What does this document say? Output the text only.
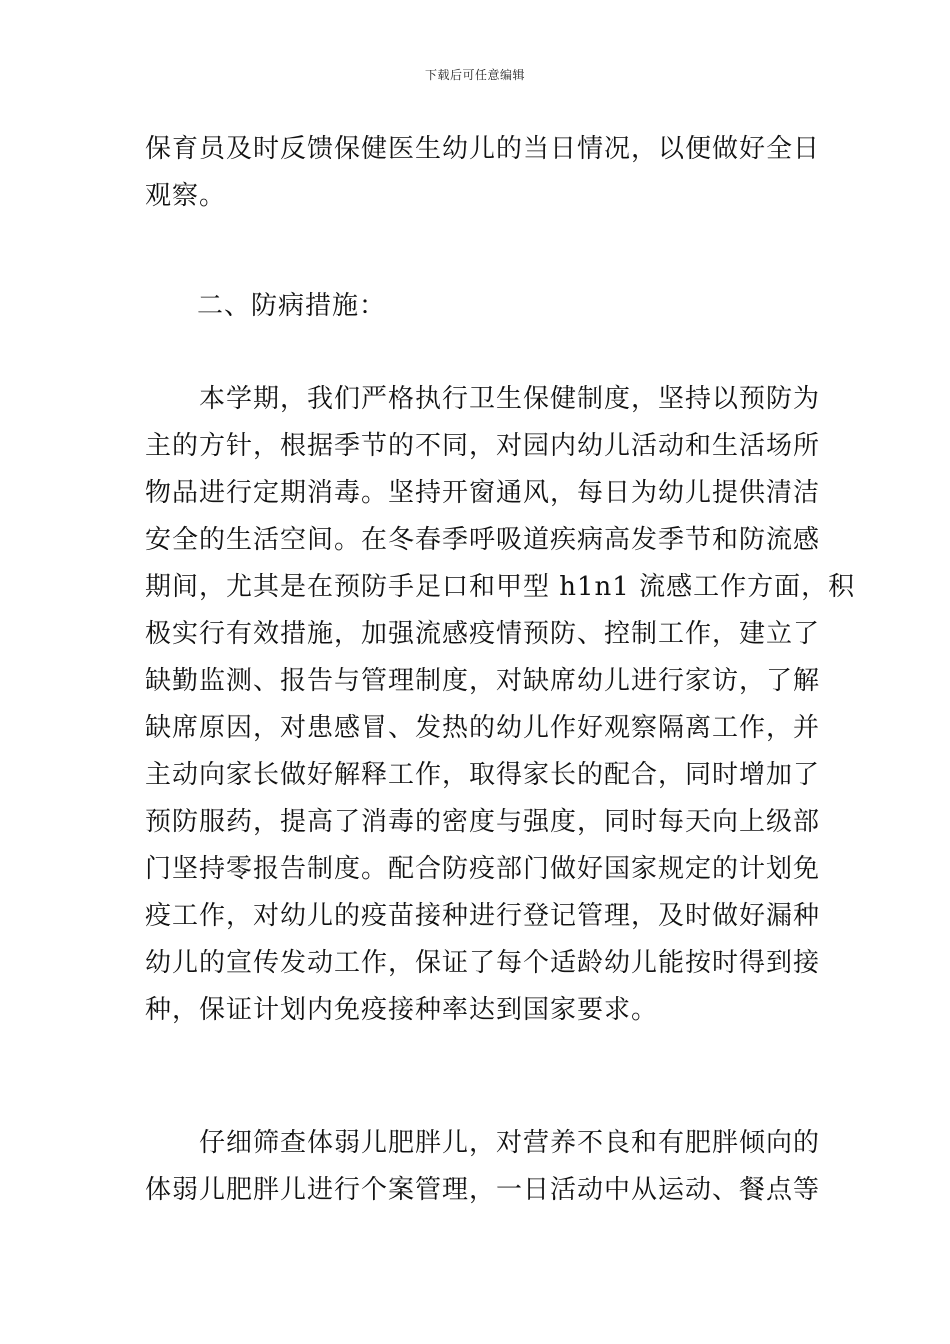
下载后可任意编辑
保育员及时反馈保健医生幼儿的当日情况，以便做好全日
观察。
二、防病措施：
　　本学期，我们严格执行卫生保健制度，坚持以预防为
主的方针，根据季节的不同，对园内幼儿活动和生活场所
物品进行定期消毒。坚持开窗通风，每日为幼儿提供清洁
安全的生活空间。在冬春季呼吸道疾病高发季节和防流感
期间，尤其是在预防手足口和甲型 h1n1 流感工作方面，积
极实行有效措施，加强流感疫情预防、控制工作，建立了
缺勤监测、报告与管理制度，对缺席幼儿进行家访，了解
缺席原因，对患感冒、发热的幼儿作好观察隔离工作，并
主动向家长做好解释工作，取得家长的配合，同时增加了
预防服药，提高了消毒的密度与强度，同时每天向上级部
门坚持零报告制度。配合防疫部门做好国家规定的计划免
疫工作，对幼儿的疫苗接种进行登记管理，及时做好漏种
幼儿的宣传发动工作，保证了每个适龄幼儿能按时得到接
种，保证计划内免疫接种率达到国家要求。
　　仔细筛查体弱儿肥胖儿，对营养不良和有肥胖倾向的
体弱儿肥胖儿进行个案管理，一日活动中从运动、餐点等
